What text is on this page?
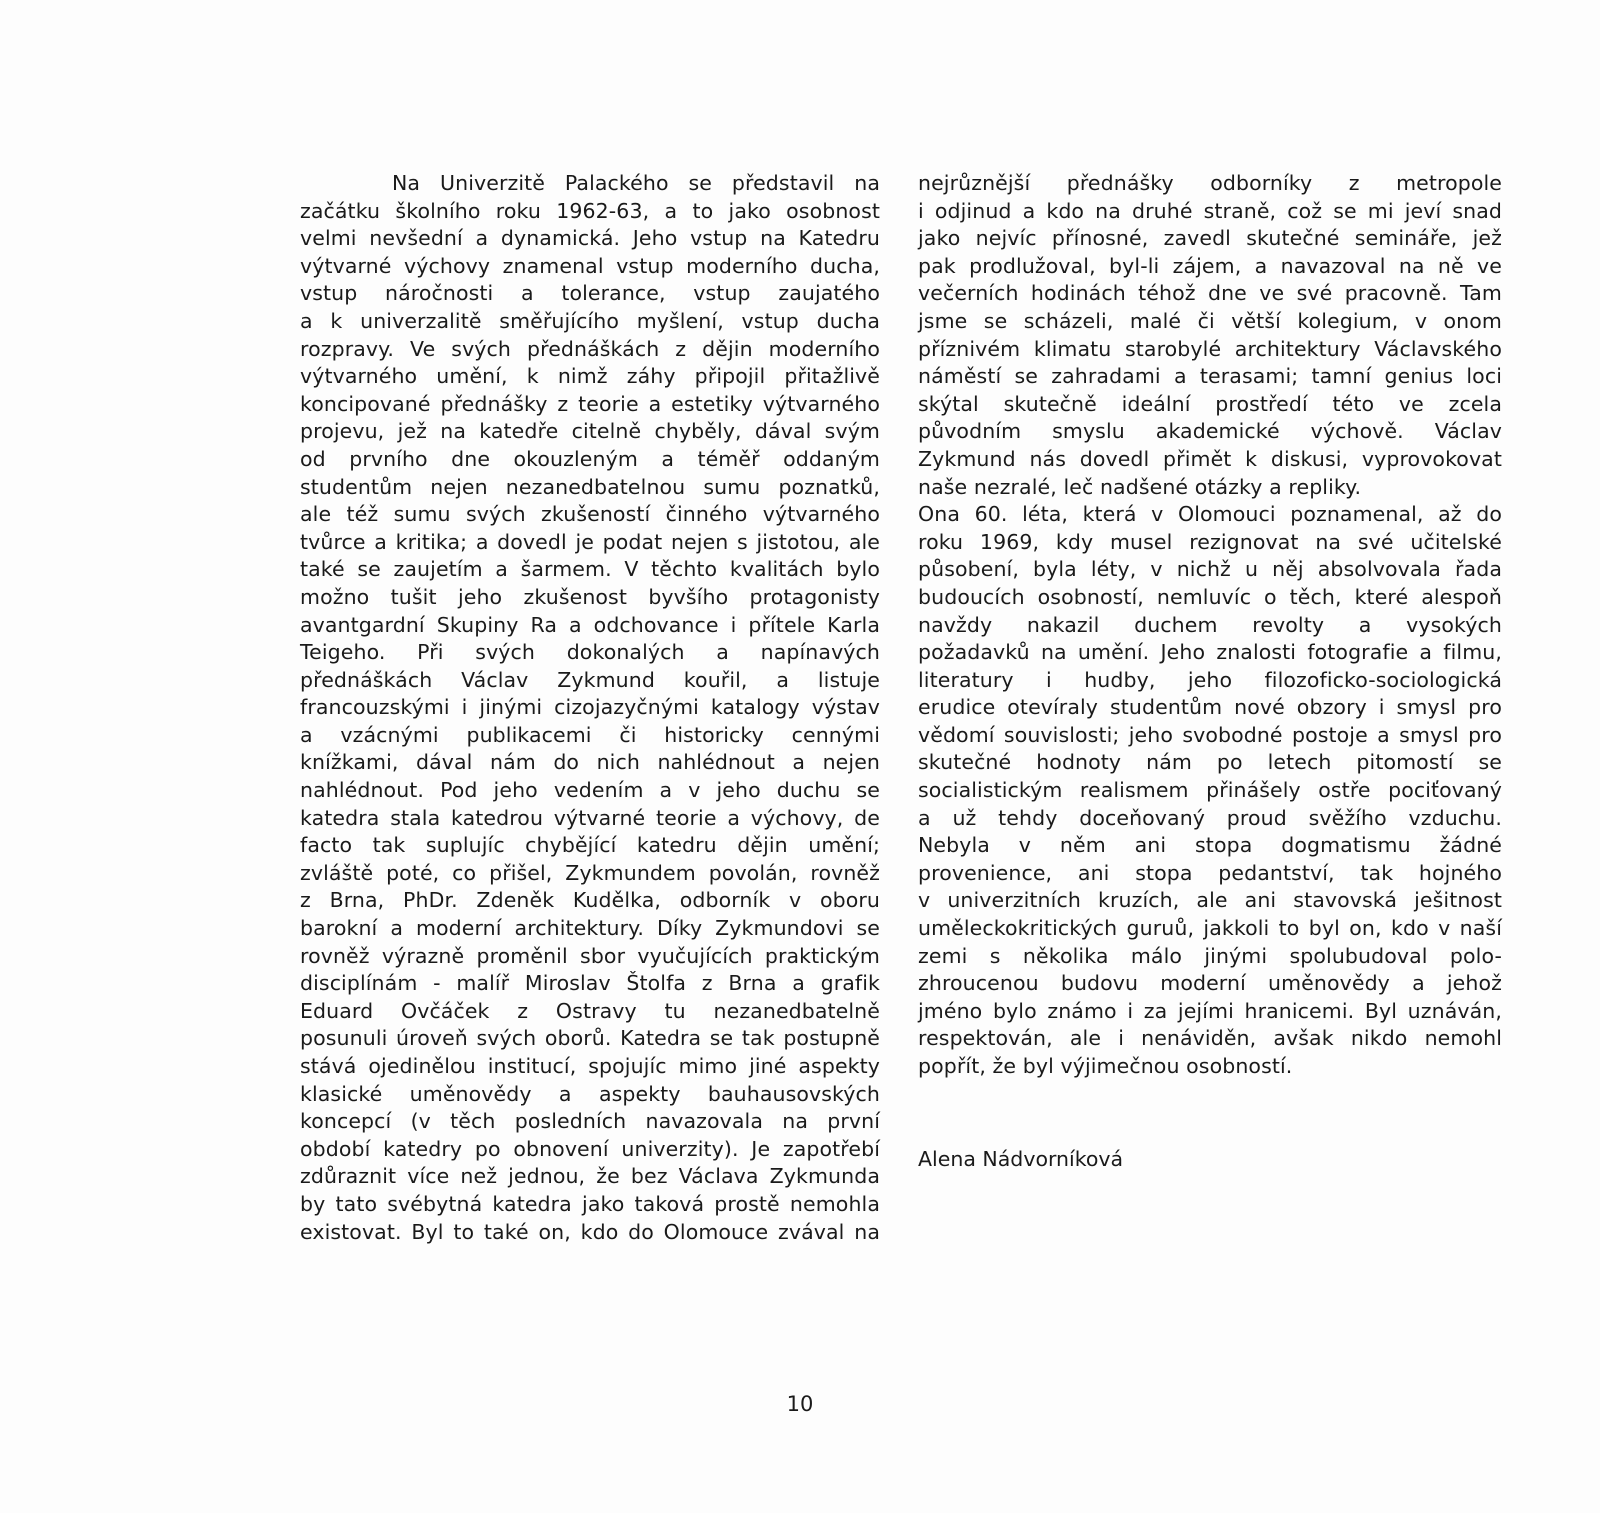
Na Univerzitě Palackého se představil na
začátku školního roku 1962-63, a to jako osobnost
velmi nevšední a dynamická. Jeho vstup na Katedru
výtvarné výchovy znamenal vstup moderního ducha,
vstup náročnosti a tolerance, vstup zaujatého
a k univerzalitě směřujícího myšlení, vstup ducha
rozpravy. Ve svých přednáškách z dějin moderního
výtvarného umění, k nimž záhy připojil přitažlivě
koncipované přednášky z teorie a estetiky výtvarného
projevu, jež na katedře citelně chyběly, dával svým
od prvního dne okouzleným a téměř oddaným
studentům nejen nezanedbatelnou sumu poznatků,
ale též sumu svých zkušeností činného výtvarného
tvůrce a kritika; a dovedl je podat nejen s jistotou, ale
také se zaujetím a šarmem. V těchto kvalitách bylo
možno tušit jeho zkušenost byvšího protagonisty
avantgardní Skupiny Ra a odchovance i přítele Karla
Teigeho. Při svých dokonalých a napínavých
přednáškách Václav Zykmund kouřil, a listuje
francouzskými i jinými cizojazyčnými katalogy výstav
a vzácnými publikacemi či historicky cennými
knížkami, dával nám do nich nahlédnout a nejen
nahlédnout. Pod jeho vedením a v jeho duchu se
katedra stala katedrou výtvarné teorie a výchovy, de
facto tak suplujíc chybějící katedru dějin umění;
zvláště poté, co přišel, Zykmundem povolán, rovněž
z Brna, PhDr. Zdeněk Kudělka, odborník v oboru
barokní a moderní architektury. Díky Zykmundovi se
rovněž výrazně proměnil sbor vyučujících praktickým
disciplínám - malíř Miroslav Štolfa z Brna a grafik
Eduard Ovčáček z Ostravy tu nezanedbatelně
posunuli úroveň svých oborů. Katedra se tak postupně
stává ojedinělou institucí, spojujíc mimo jiné aspekty
klasické uměnovědy a aspekty bauhausovských
koncepcí (v těch posledních navazovala na první
období katedry po obnovení univerzity). Je zapotřebí
zdůraznit více než jednou, že bez Václava Zykmunda
by tato svébytná katedra jako taková prostě nemohla
existovat. Byl to také on, kdo do Olomouce zvával na
nejrůznější přednášky odborníky z metropole
i odjinud a kdo na druhé straně, což se mi jeví snad
jako nejvíc přínosné, zavedl skutečné semináře, jež
pak prodlužoval, byl-li zájem, a navazoval na ně ve
večerních hodinách téhož dne ve své pracovně. Tam
jsme se scházeli, malé či větší kolegium, v onom
příznivém klimatu starobylé architektury Václavského
náměstí se zahradami a terasami; tamní genius loci
skýtal skutečně ideální prostředí této ve zcela
původním smyslu akademické výchově. Václav
Zykmund nás dovedl přimět k diskusi, vyprovokovat
naše nezralé, leč nadšené otázky a repliky.
Ona 60. léta, která v Olomouci poznamenal, až do
roku 1969, kdy musel rezignovat na své učitelské
působení, byla léty, v nichž u něj absolvovala řada
budoucích osobností, nemluvíc o těch, které alespoň
navždy nakazil duchem revolty a vysokých
požadavků na umění. Jeho znalosti fotografie a filmu,
literatury i hudby, jeho filozoficko-sociologická
erudice otevíraly studentům nové obzory i smysl pro
vědomí souvislosti; jeho svobodné postoje a smysl pro
skutečné hodnoty nám po letech pitomostí se
socialistickým realismem přinášely ostře pociťovaný
a už tehdy doceňovaný proud svěžího vzduchu.
Nebyla v něm ani stopa dogmatismu žádné
provenience, ani stopa pedantství, tak hojného
v univerzitních kruzích, ale ani stavovská ješitnost
uměleckokritických guruů, jakkoli to byl on, kdo v naší
zemi s několika málo jinými spolubudoval polo-
zhroucenou budovu moderní uměnovědy a jehož
jméno bylo známo i za jejími hranicemi. Byl uznáván,
respektován, ale i nenáviděn, avšak nikdo nemohl
popřít, že byl výjimečnou osobností.
Alena Nádvorníková
10
